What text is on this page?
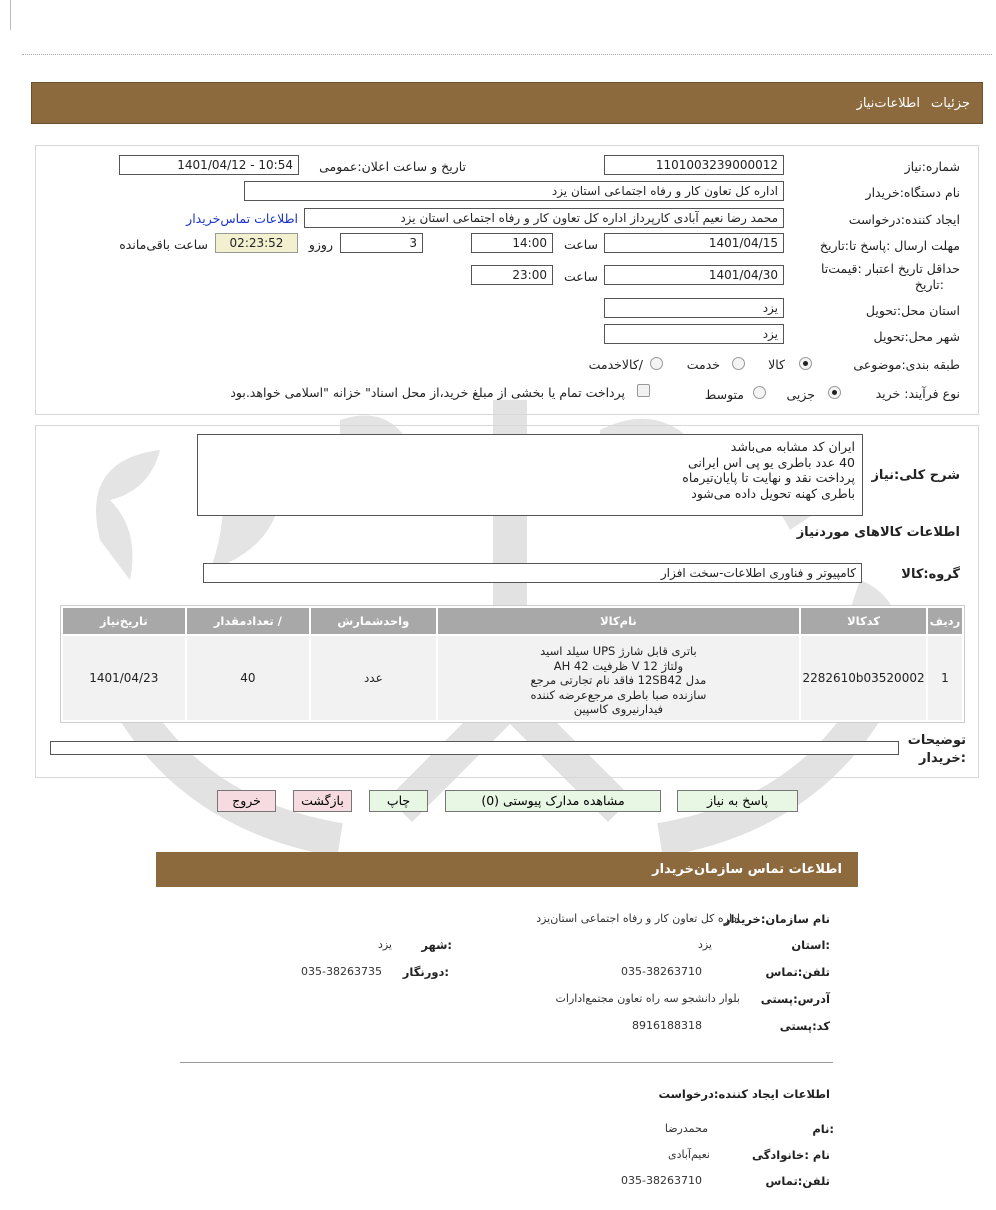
جزئیات
اطلاعات‌نیاز
شماره:نیاز
1101003239000012
تاریخ و ساعت اعلان:عمومی
1401/04/12 - 10:54
نام دستگاه:خریدار
اداره کل تعاون کار و رفاه اجتماعی استان یزد
ایجاد کننده:درخواست
محمد رضا نعیم آبادی کارپرداز اداره کل تعاون کار و رفاه اجتماعی استان یزد
اطلاعات تماس‌خریدار
مهلت ارسال :پاسخ تا:تاریخ
1401/04/15
ساعت
14:00
3
روزو
02:23:52
ساعت باقی‌مانده
حداقل تاریخ اعتبار :قیمت‌تا
:تاریخ
1401/04/30
ساعت
23:00
استان محل:تحویل
یزد
شهر محل:تحویل
یزد
طبقه بندی:موضوعی
کالا
خدمت
/کالاخدمت
نوع فرآیند: خرید
جزیی
متوسط
پرداخت تمام یا بخشی از مبلغ خرید،از محل اسناد" خزانه "اسلامی خواهد.بود
شرح کلی:نیاز
ایران کد مشابه می‌باشد
40 عدد باطری یو پی اس ایرانی
پرداخت نقد و نهایت تا پایان‌تیرماه
باطری کهنه تحویل داده می‌شود
اطلاعات کالاهای موردنیاز
گروه:کالا
کامپیوتر و فناوری اطلاعات-سخت افزار
ردیف	کدکالا	نام‌کالا	واحدشمارش	/ تعدادمقدار	تاریخ‌نیاز
1	2282610b03520002	باتری قابل شارژ UPS سیلد اسید
ولتاژ 12 V ظرفیت 42 AH
مدل 12SB42 فاقد نام تجارتی مرجع
سازنده صبا باطری مرجع‌عرضه کننده
فیدارنیروی کاسپین	عدد	40	1401/04/23
توضیحات
:خریدار
پاسخ به نیاز
مشاهده مدارک پیوستی (0)
چاپ
بازگشت
خروج
اطلاعات تماس سازمان‌خریدار
نام سازمان:خریدار
اداره کل تعاون کار و رفاه اجتماعی استان‌یزد
:استان
یزد
:شهر
یزد
تلفن:تماس
035-38263710
:دورنگار
035-38263735
آدرس:پستی
بلوار دانشجو سه راه تعاون مجتمع‌ادارات
کد:پستی
8916188318
اطلاعات ایجاد کننده:درخواست
:نام
محمدرضا
نام :خانوادگی
نعیم‌آبادی
تلفن:تماس
035-38263710
